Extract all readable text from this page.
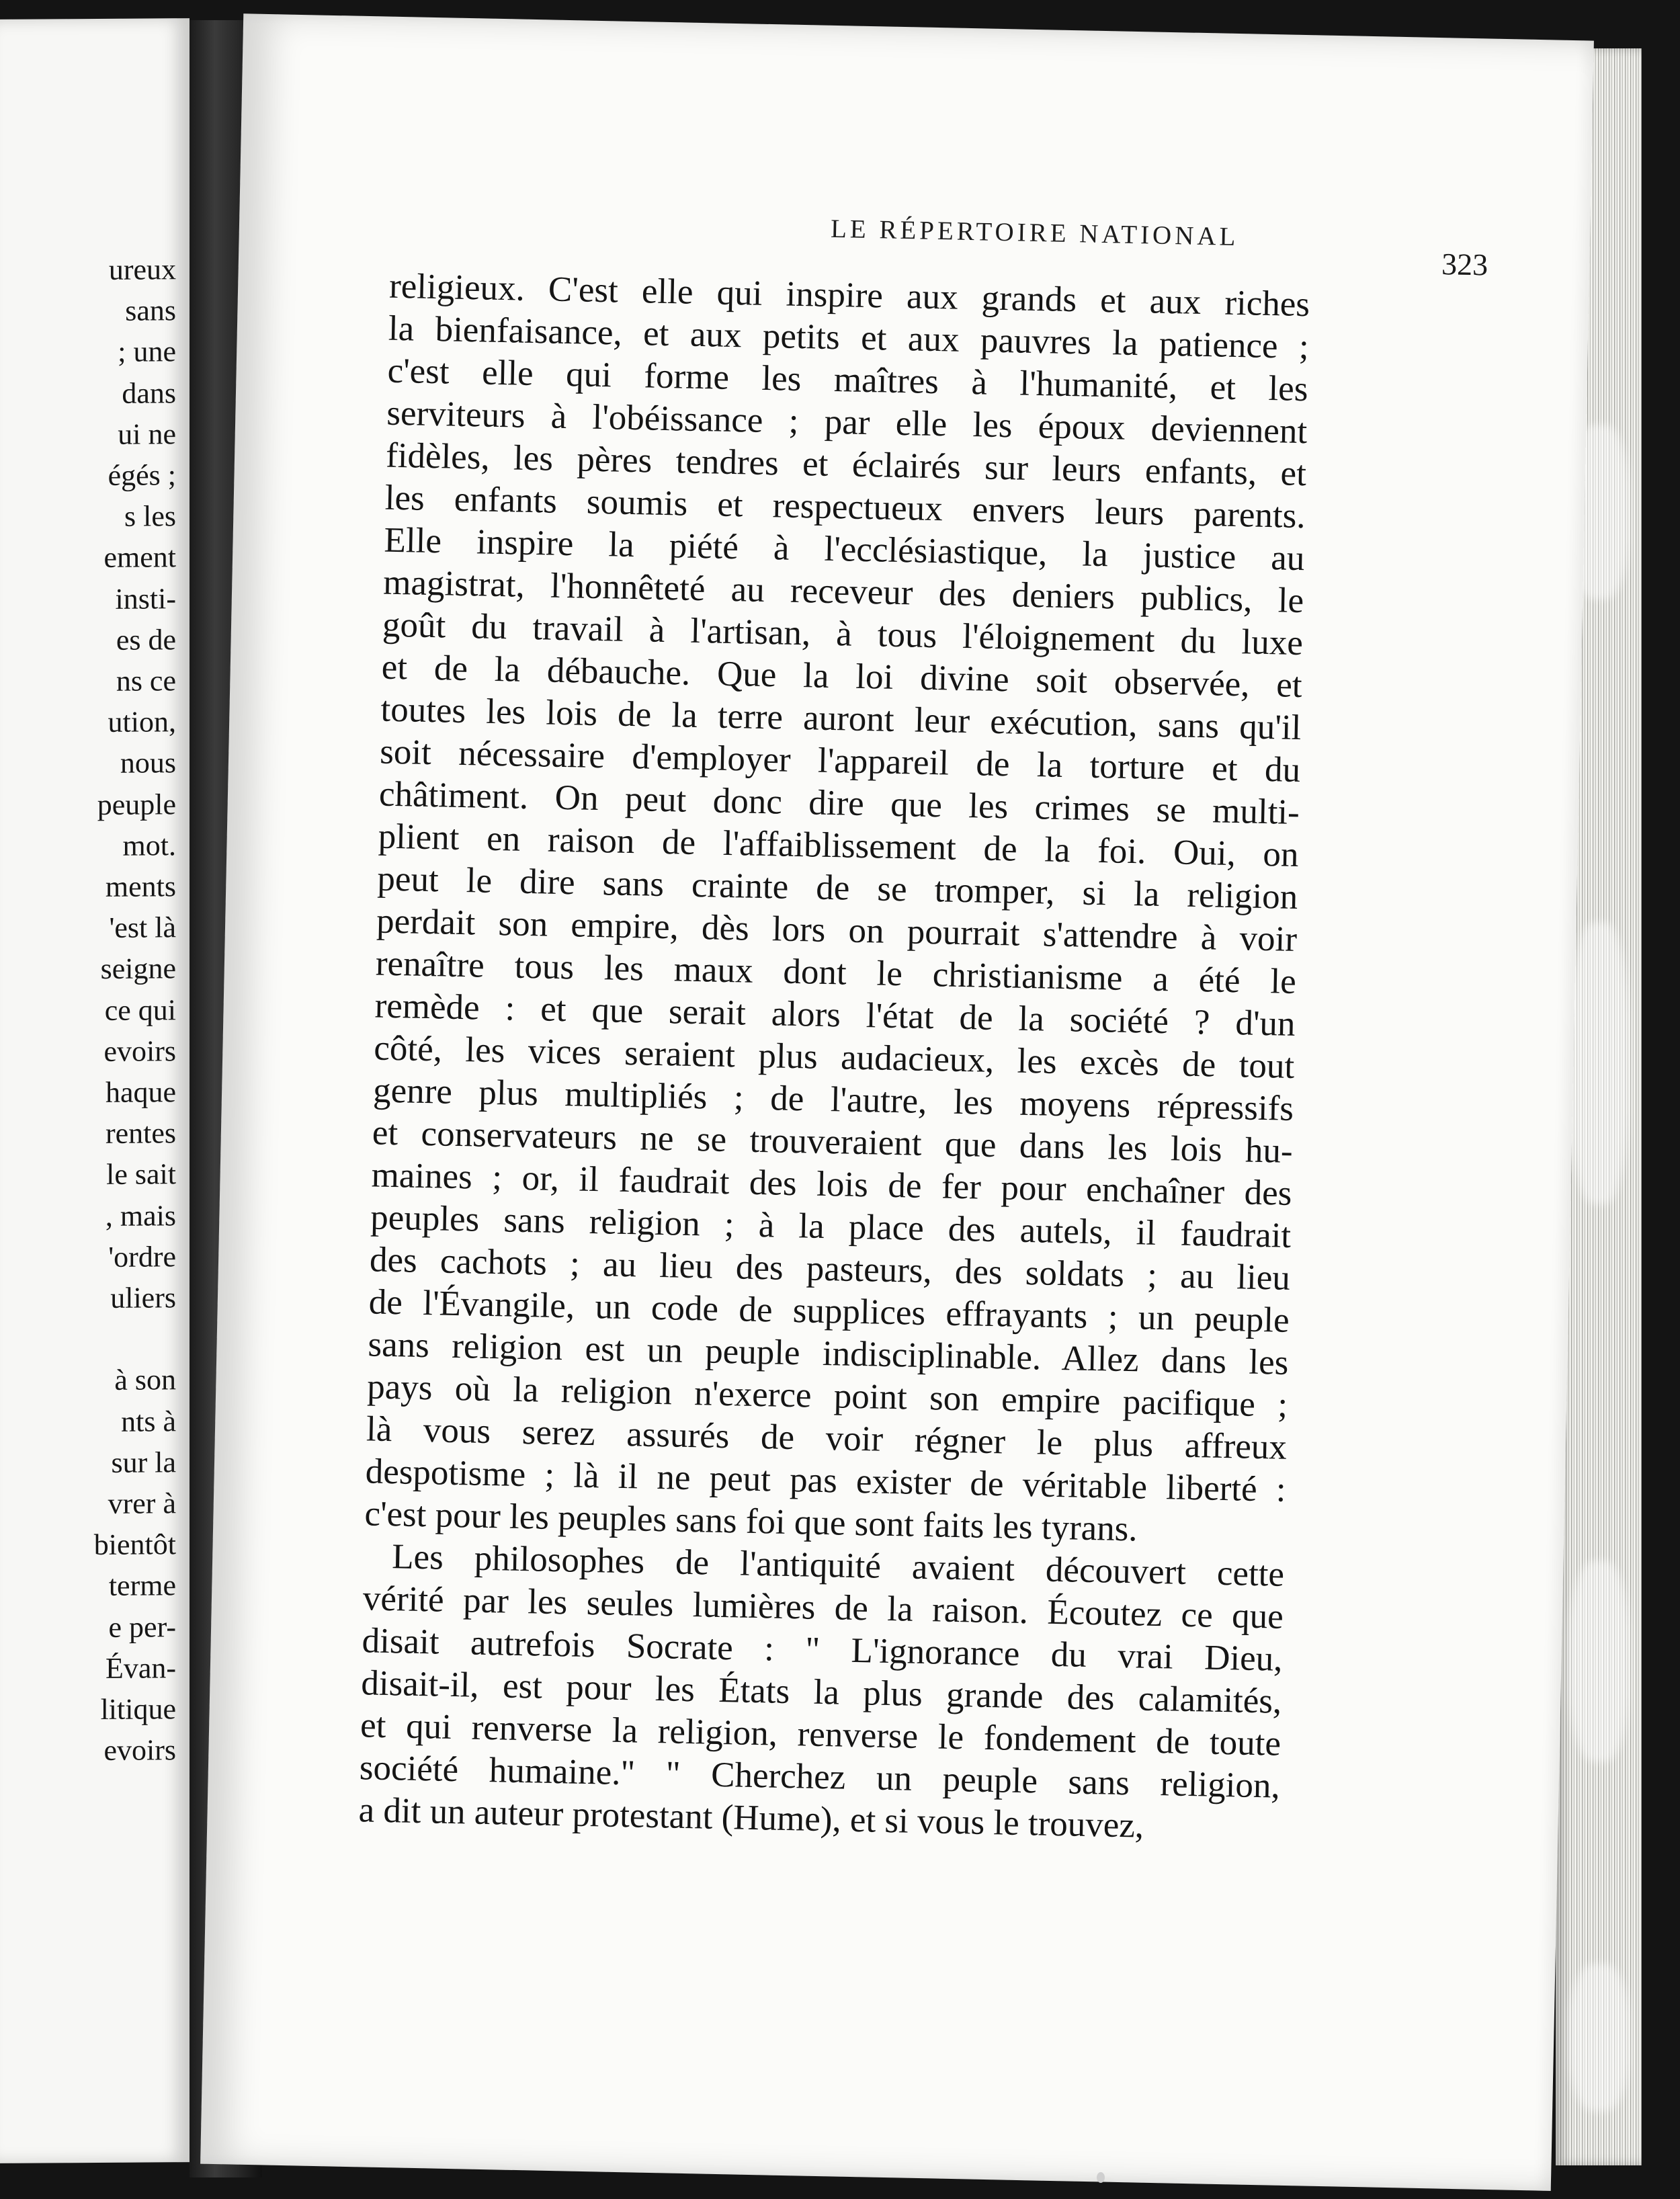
ureux
sans
; une
dans
ui ne
égés ;
s les
ement
insti-
es de
ns ce
ution,
nous
peuple
mot.
ments
'est là
seigne
ce qui
evoirs
haque
rentes
le sait
, mais
'ordre
uliers
à son
nts à
sur la
vrer à
bientôt
terme
e per-
Évan-
litique
evoirs
LE RÉPERTOIRE NATIONAL
323
religieux. C'est elle qui inspire aux grands et aux riches
la bienfaisance, et aux petits et aux pauvres la patience ;
c'est elle qui forme les maîtres à l'humanité, et les
serviteurs à l'obéissance ; par elle les époux deviennent
fidèles, les pères tendres et éclairés sur leurs enfants, et
les enfants soumis et respectueux envers leurs parents.
Elle inspire la piété à l'ecclésiastique, la justice au
magistrat, l'honnêteté au receveur des deniers publics, le
goût du travail à l'artisan, à tous l'éloignement du luxe
et de la débauche. Que la loi divine soit observée, et
toutes les lois de la terre auront leur exécution, sans qu'il
soit nécessaire d'employer l'appareil de la torture et du
châtiment. On peut donc dire que les crimes se multi-
plient en raison de l'affaiblissement de la foi. Oui, on
peut le dire sans crainte de se tromper, si la religion
perdait son empire, dès lors on pourrait s'attendre à voir
renaître tous les maux dont le christianisme a été le
remède : et que serait alors l'état de la société ? d'un
côté, les vices seraient plus audacieux, les excès de tout
genre plus multipliés ; de l'autre, les moyens répressifs
et conservateurs ne se trouveraient que dans les lois hu-
maines ; or, il faudrait des lois de fer pour enchaîner des
peuples sans religion ; à la place des autels, il faudrait
des cachots ; au lieu des pasteurs, des soldats ; au lieu
de l'Évangile, un code de supplices effrayants ; un peuple
sans religion est un peuple indisciplinable. Allez dans les
pays où la religion n'exerce point son empire pacifique ;
là vous serez assurés de voir régner le plus affreux
despotisme ; là il ne peut pas exister de véritable liberté :
c'est pour les peuples sans foi que sont faits les tyrans.
Les philosophes de l'antiquité avaient découvert cette
vérité par les seules lumières de la raison. Écoutez ce que
disait autrefois Socrate : " L'ignorance du vrai Dieu,
disait-il, est pour les États la plus grande des calamités,
et qui renverse la religion, renverse le fondement de toute
société humaine." " Cherchez un peuple sans religion,
a dit un auteur protestant (Hume), et si vous le trouvez,
